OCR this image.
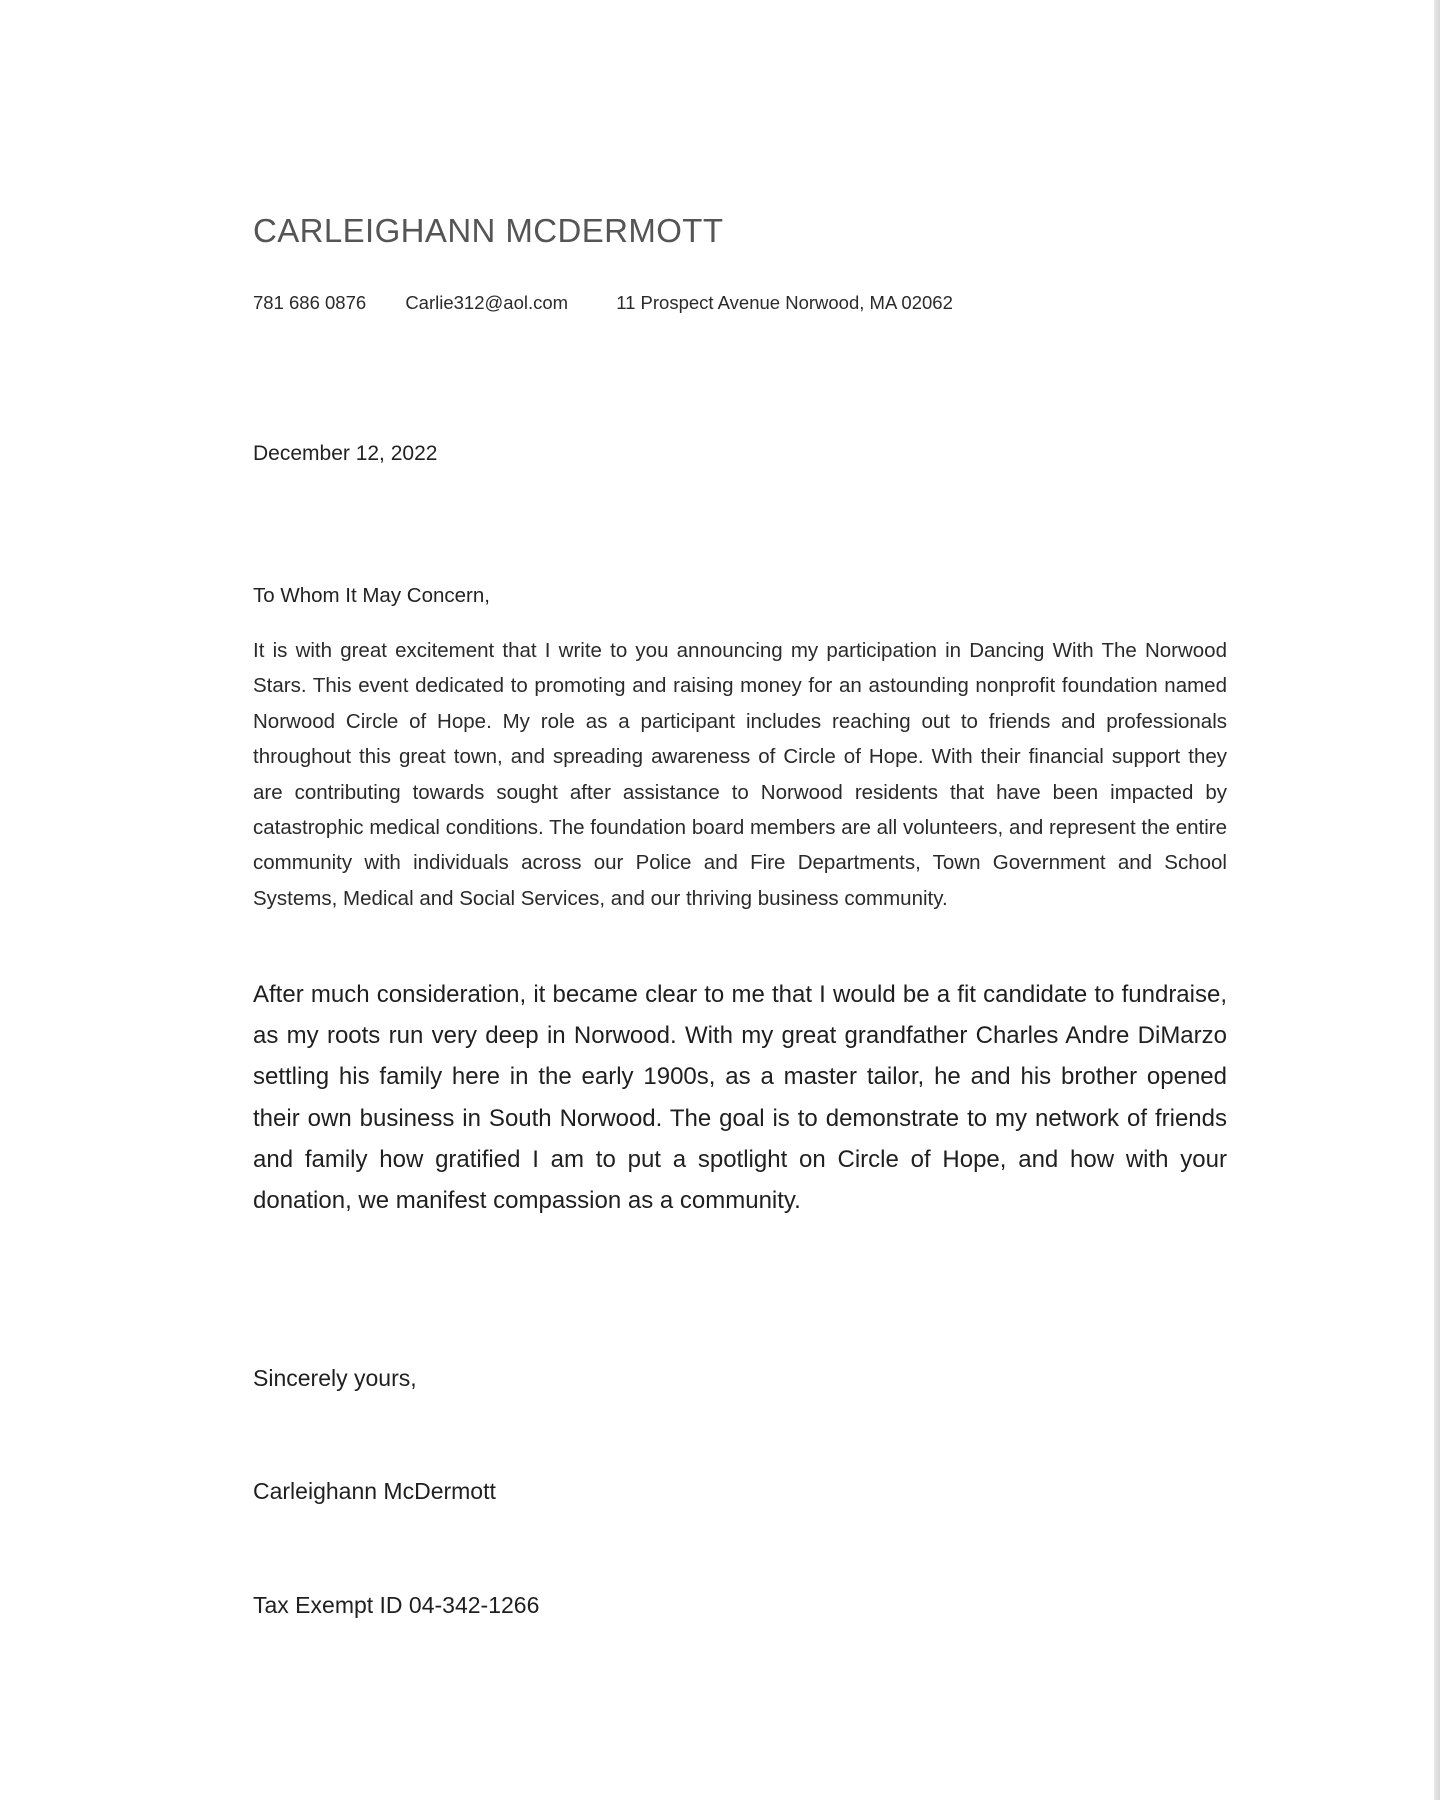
CARLEIGHANN MCDERMOTT
781 686 0876 Carlie312@aol.com	11 Prospect Avenue Norwood, MA 02062
December 12, 2022
To Whom It May Concern,

It is with great excitement that I write to you announcing my participation in Dancing With The Norwood Stars. This event dedicated to promoting and raising money for an astounding nonprofit foundation named Norwood Circle of Hope. My role as a participant includes reaching out to friends and professionals throughout this great town, and spreading awareness of Circle of Hope. With their financial support they are contributing towards sought after assistance to Norwood residents that have been impacted by catastrophic medical conditions. The foundation board members are all volunteers, and represent the entire community with individuals across our Police and Fire Departments, Town Government and School Systems, Medical and Social Services, and our thriving business community.

After much consideration, it became clear to me that I would be a fit candidate to fundraise, as my roots run very deep in Norwood. With my great grandfather Charles Andre DiMarzo settling his family here in the early 1900s, as a master tailor, he and his brother opened their own business in South Norwood. The goal is to demonstrate to my network of friends and family how gratified I am to put a spotlight on Circle of Hope, and how with your donation, we manifest compassion as a community.

Sincerely yours,
Carleighann McDermott
Tax Exempt ID 04-342-1266
